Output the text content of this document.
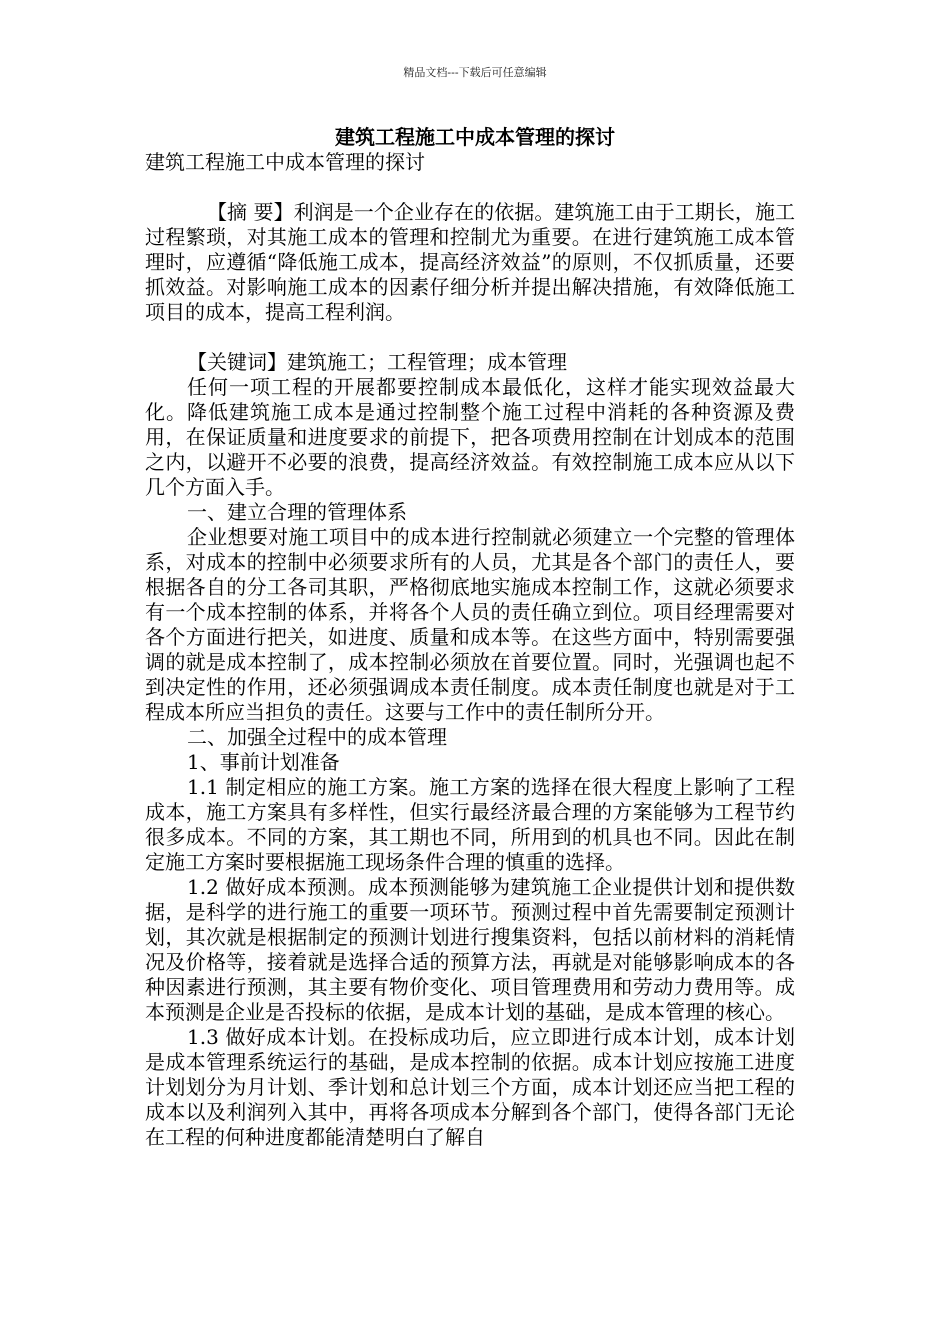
精品文档---下载后可任意编辑
建筑工程施工中成本管理的探讨

建筑工程施工中成本管理的探讨

【摘 要】利润是一个企业存在的依据。建筑施工由于工期长，施工过程繁琐，对其施工成本的管理和控制尤为重要。在进行建筑施工成本管理时，应遵循“降低施工成本，提高经济效益”的原则，不仅抓质量，还要抓效益。对影响施工成本的因素仔细分析并提出解决措施，有效降低施工项目的成本，提高工程利润。

【关键词】建筑施工；工程管理；成本管理

任何一项工程的开展都要控制成本最低化，这样才能实现效益最大化。降低建筑施工成本是通过控制整个施工过程中消耗的各种资源及费用，在保证质量和进度要求的前提下，把各项费用控制在计划成本的范围之内，以避开不必要的浪费，提高经济效益。有效控制施工成本应从以下几个方面入手。

一、建立合理的管理体系

企业想要对施工项目中的成本进行控制就必须建立一个完整的管理体系，对成本的控制中必须要求所有的人员，尤其是各个部门的责任人，要根据各自的分工各司其职，严格彻底地实施成本控制工作，这就必须要求有一个成本控制的体系，并将各个人员的责任确立到位。项目经理需要对各个方面进行把关，如进度、质量和成本等。在这些方面中，特别需要强调的就是成本控制了，成本控制必须放在首要位置。同时，光强调也起不到决定性的作用，还必须强调成本责任制度。成本责任制度也就是对于工程成本所应当担负的责任。这要与工作中的责任制所分开。

二、加强全过程中的成本管理

1、事前计划准备

1.1 制定相应的施工方案。施工方案的选择在很大程度上影响了工程成本，施工方案具有多样性，但实行最经济最合理的方案能够为工程节约很多成本。不同的方案，其工期也不同，所用到的机具也不同。因此在制定施工方案时要根据施工现场条件合理的慎重的选择。

1.2 做好成本预测。成本预测能够为建筑施工企业提供计划和提供数据，是科学的进行施工的重要一项环节。预测过程中首先需要制定预测计划，其次就是根据制定的预测计划进行搜集资料，包括以前材料的消耗情况及价格等，接着就是选择合适的预算方法，再就是对能够影响成本的各种因素进行预测，其主要有物价变化、项目管理费用和劳动力费用等。成本预测是企业是否投标的依据，是成本计划的基础，是成本管理的核心。

1.3 做好成本计划。在投标成功后，应立即进行成本计划，成本计划是成本管理系统运行的基础，是成本控制的依据。成本计划应按施工进度计划划分为月计划、季计划和总计划三个方面，成本计划还应当把工程的成本以及利润列入其中，再将各项成本分解到各个部门，使得各部门无论在工程的何种进度都能清楚明白了解自
